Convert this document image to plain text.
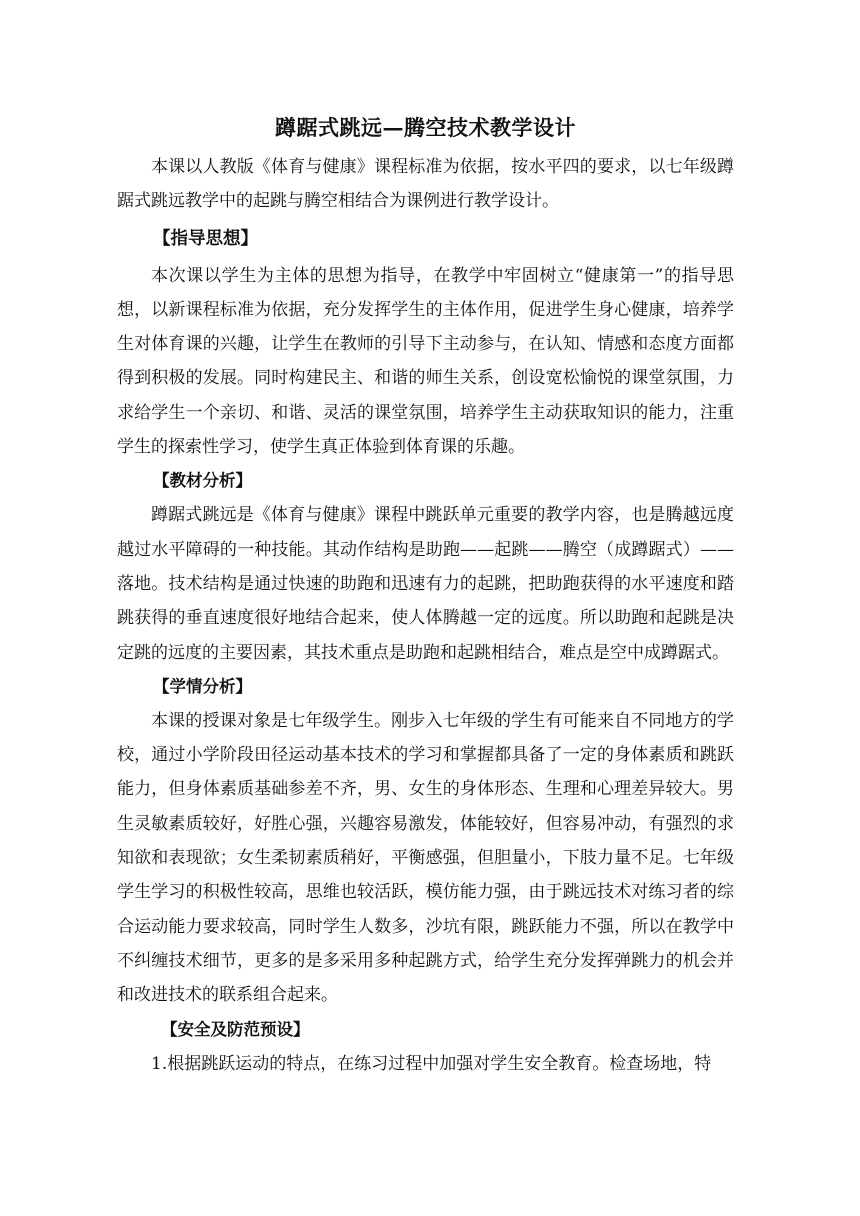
蹲踞式跳远—腾空技术教学设计

本课以人教版《体育与健康》课程标准为依据，按水平四的要求，以七年级蹲踞式跳远教学中的起跳与腾空相结合为课例进行教学设计。

【指导思想】

本次课以学生为主体的思想为指导，在教学中牢固树立“健康第一”的指导思想，以新课程标准为依据，充分发挥学生的主体作用，促进学生身心健康，培养学生对体育课的兴趣，让学生在教师的引导下主动参与，在认知、情感和态度方面都得到积极的发展。同时构建民主、和谐的师生关系，创设宽松愉悦的课堂氛围，力求给学生一个亲切、和谐、灵活的课堂氛围，培养学生主动获取知识的能力，注重学生的探索性学习，使学生真正体验到体育课的乐趣。

【教材分析】

蹲踞式跳远是《体育与健康》课程中跳跃单元重要的教学内容，也是腾越远度越过水平障碍的一种技能。其动作结构是助跑——起跳——腾空（成蹲踞式）——落地。技术结构是通过快速的助跑和迅速有力的起跳，把助跑获得的水平速度和踏跳获得的垂直速度很好地结合起来，使人体腾越一定的远度。所以助跑和起跳是决定跳的远度的主要因素，其技术重点是助跑和起跳相结合，难点是空中成蹲踞式。

【学情分析】

本课的授课对象是七年级学生。刚步入七年级的学生有可能来自不同地方的学校，通过小学阶段田径运动基本技术的学习和掌握都具备了一定的身体素质和跳跃能力，但身体素质基础参差不齐，男、女生的身体形态、生理和心理差异较大。男生灵敏素质较好，好胜心强，兴趣容易激发，体能较好，但容易冲动，有强烈的求知欲和表现欲；女生柔韧素质稍好，平衡感强，但胆量小，下肢力量不足。七年级学生学习的积极性较高，思维也较活跃，模仿能力强，由于跳远技术对练习者的综合运动能力要求较高，同时学生人数多，沙坑有限，跳跃能力不强，所以在教学中不纠缠技术细节，更多的是多采用多种起跳方式，给学生充分发挥弹跳力的机会并和改进技术的联系组合起来。

【安全及防范预设】

1.根据跳跃运动的特点，在练习过程中加强对学生安全教育。检查场地，特
